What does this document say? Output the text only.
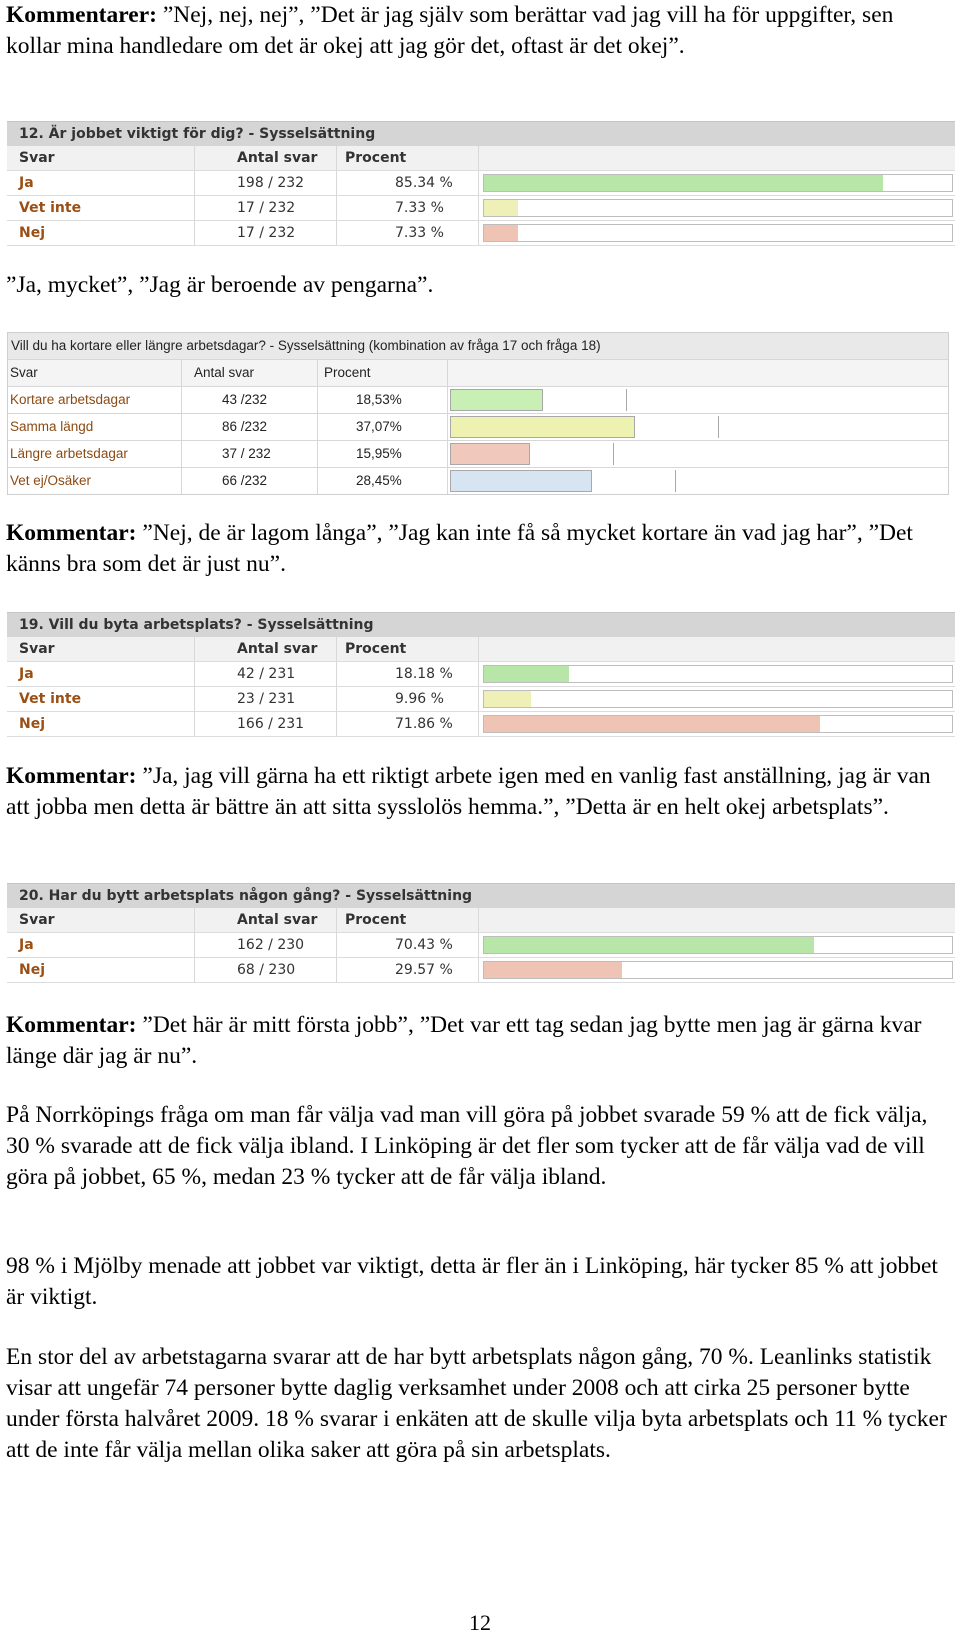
Kommentarer: ”Nej, nej, nej”, ”Det är jag själv som berättar vad jag vill ha för uppgifter, sen kollar mina handledare om det är okej att jag gör det, oftast är det okej”.

12. Är jobbet viktigt för dig? - Sysselsättning
Svar	Antal svar	Procent
Ja	198 / 232	85.34 %
Vet inte	17 / 232	7.33 %
Nej	17 / 232	7.33 %

”Ja, mycket”, ”Jag är beroende av pengarna”.

Vill du ha kortare eller längre arbetsdagar? - Sysselsättning (kombination av fråga 17 och fråga 18)
Svar	Antal svar	Procent
Kortare arbetsdagar	43 /232	18,53%
Samma längd	86 /232	37,07%
Längre arbetsdagar	37 / 232	15,95%
Vet ej/Osäker	66 /232	28,45%

Kommentar: ”Nej, de är lagom långa”, ”Jag kan inte få så mycket kortare än vad jag har”, ”Det känns bra som det är just nu”.

19. Vill du byta arbetsplats? - Sysselsättning
Svar	Antal svar	Procent
Ja	42 / 231	18.18 %
Vet inte	23 / 231	9.96 %
Nej	166 / 231	71.86 %

Kommentar: ”Ja, jag vill gärna ha ett riktigt arbete igen med en vanlig fast anställning, jag är van att jobba men detta är bättre än att sitta sysslolös hemma.”, ”Detta är en helt okej arbetsplats”.

20. Har du bytt arbetsplats någon gång? - Sysselsättning
Svar	Antal svar	Procent
Ja	162 / 230	70.43 %
Nej	68 / 230	29.57 %

Kommentar: ”Det här är mitt första jobb”, ”Det var ett tag sedan jag bytte men jag är gärna kvar länge där jag är nu”.

På Norrköpings fråga om man får välja vad man vill göra på jobbet svarade 59 % att de fick välja, 30 % svarade att de fick välja ibland. I Linköping är det fler som tycker att de får välja vad de vill göra på jobbet, 65 %, medan 23 % tycker att de får välja ibland.

98 % i Mjölby menade att jobbet var viktigt, detta är fler än i Linköping, här tycker 85 % att jobbet är viktigt.

En stor del av arbetstagarna svarar att de har bytt arbetsplats någon gång, 70 %. Leanlinks statistik visar att ungefär 74 personer bytte daglig verksamhet under 2008 och att cirka 25 personer bytte under första halvåret 2009. 18 % svarar i enkäten att de skulle vilja byta arbetsplats och 11 % tycker att de inte får välja mellan olika saker att göra på sin arbetsplats.

12
